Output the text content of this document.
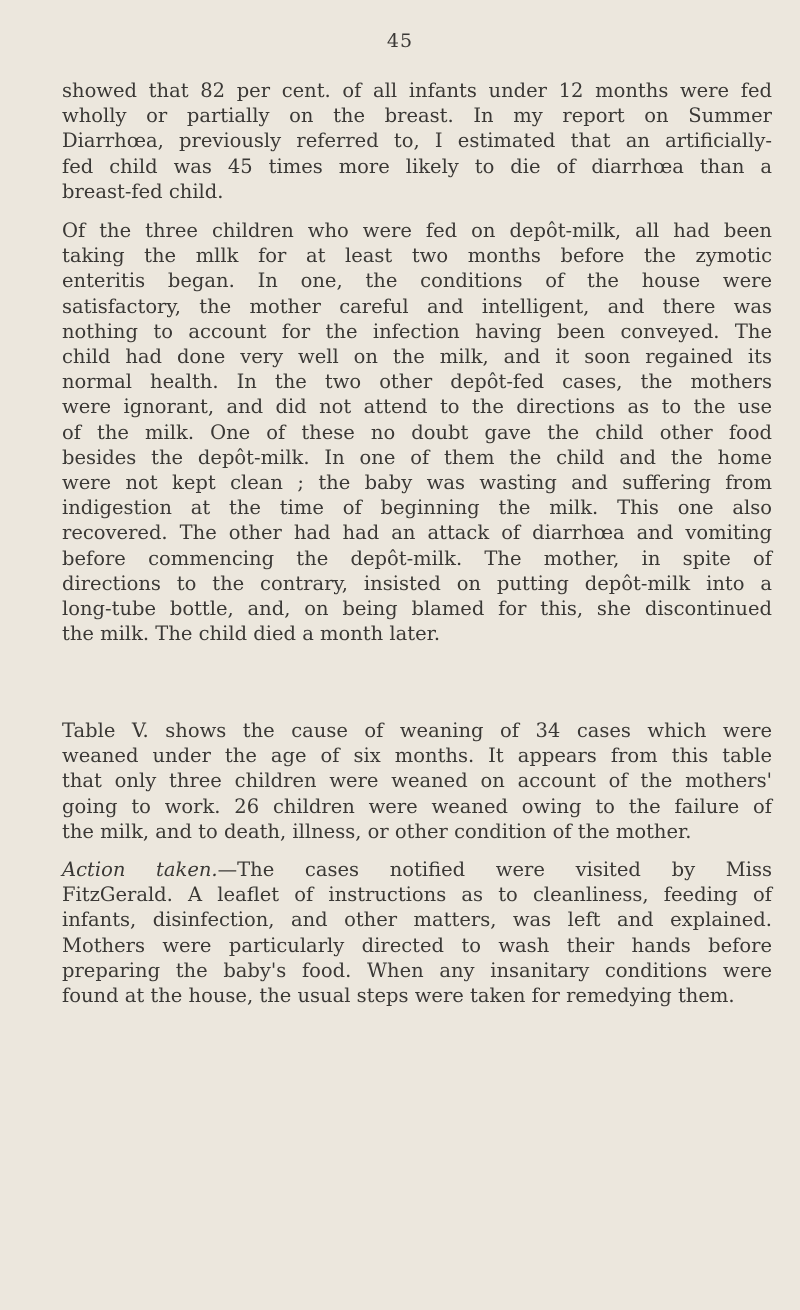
45
showed that 82 per cent. of all infants under 12 months were fed
wholly or partially on the breast. In my report on Summer
Diarrhœa, previously referred to, I estimated that an artificially-
fed child was 45 times more likely to die of diarrhœa than a
breast-fed child.
Of the three children who were fed on depôt-milk, all had been
taking the mllk for at least two months before the zymotic
enteritis began. In one, the conditions of the house were
satisfactory, the mother careful and intelligent, and there was
nothing to account for the infection having been conveyed. The
child had done very well on the milk, and it soon regained its
normal health. In the two other depôt-fed cases, the mothers
were ignorant, and did not attend to the directions as to the use
of the milk. One of these no doubt gave the child other food
besides the depôt-milk. In one of them the child and the home
were not kept clean ; the baby was wasting and suffering from
indigestion at the time of beginning the milk. This one also
recovered. The other had had an attack of diarrhœa and vomiting
before commencing the depôt-milk. The mother, in spite of
directions to the contrary, insisted on putting depôt-milk into a
long-tube bottle, and, on being blamed for this, she discontinued
the milk. The child died a month later.
Table V. shows the cause of weaning of 34 cases which were
weaned under the age of six months. It appears from this table
that only three children were weaned on account of the mothers'
going to work. 26 children were weaned owing to the failure of
the milk, and to death, illness, or other condition of the mother.
Action taken.—The cases notified were visited by Miss
FitzGerald. A leaflet of instructions as to cleanliness, feeding of
infants, disinfection, and other matters, was left and explained.
Mothers were particularly directed to wash their hands before
preparing the baby's food. When any insanitary conditions were
found at the house, the usual steps were taken for remedying them.
